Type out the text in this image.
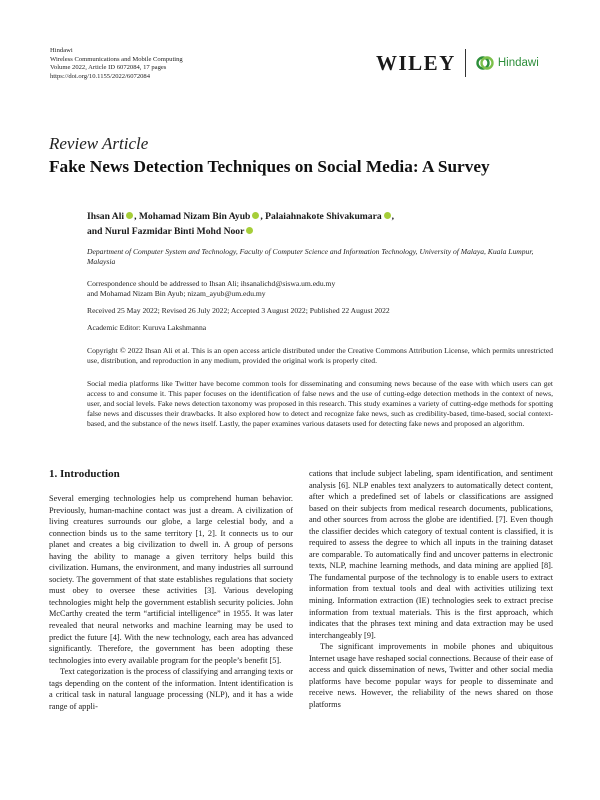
Hindawi
Wireless Communications and Mobile Computing
Volume 2022, Article ID 6072084, 17 pages
https://doi.org/10.1155/2022/6072084
WILEY	Hindawi
Review Article
Fake News Detection Techniques on Social Media: A Survey
Ihsan Ali , Mohamad Nizam Bin Ayub , Palaiahnakote Shivakumara ,
and Nurul Fazmidar Binti Mohd Noor
Department of Computer System and Technology, Faculty of Computer Science and Information Technology, University of Malaya, Kuala Lumpur, Malaysia
Correspondence should be addressed to Ihsan Ali; ihsanalichd@siswa.um.edu.my
and Mohamad Nizam Bin Ayub; nizam_ayub@um.edu.my
Received 25 May 2022; Revised 26 July 2022; Accepted 3 August 2022; Published 22 August 2022
Academic Editor: Kuruva Lakshmanna
Copyright © 2022 Ihsan Ali et al. This is an open access article distributed under the Creative Commons Attribution License, which permits unrestricted use, distribution, and reproduction in any medium, provided the original work is properly cited.
Social media platforms like Twitter have become common tools for disseminating and consuming news because of the ease with which users can get access to and consume it. This paper focuses on the identification of false news and the use of cutting-edge detection methods in the context of news, user, and social levels. Fake news detection taxonomy was proposed in this research. This study examines a variety of cutting-edge methods for spotting false news and discusses their drawbacks. It also explored how to detect and recognize fake news, such as credibility-based, time-based, social context-based, and the substance of the news itself. Lastly, the paper examines various datasets used for detecting fake news and proposed an algorithm.
1. Introduction

Several emerging technologies help us comprehend human behavior. Previously, human-machine contact was just a dream. A civilization of living creatures surrounds our globe, a large celestial body, and a connection binds us to the same territory [1, 2]. It connects us to our planet and creates a big civilization to dwell in. A group of persons having the ability to manage a given territory helps build this civilization. Humans, the environment, and many industries all surround society. The government of that state establishes regulations that society must obey to oversee these activities [3]. Various developing technologies might help the government establish security policies. John McCarthy created the term “artificial intelligence” in 1955. It was later revealed that neural networks and machine learning may be used to predict the future [4]. With the new technology, each area has advanced significantly. Therefore, the government has been adopting these technologies into every available program for the people’s benefit [5].

Text categorization is the process of classifying and arranging texts or tags depending on the content of the information. Intent identification is a critical task in natural language processing (NLP), and it has a wide range of appli-

cations that include subject labeling, spam identification, and sentiment analysis [6]. NLP enables text analyzers to automatically detect content, after which a predefined set of labels or classifications are assigned based on their subjects from medical research documents, publications, and other sources from across the globe are identified. [7]. Even though the classifier decides which category of textual content is classified, it is required to assess the degree to which all inputs in the training dataset are comparable. To automatically find and uncover patterns in electronic texts, NLP, machine learning methods, and data mining are applied [8]. The fundamental purpose of the technology is to enable users to extract information from textual tools and deal with activities utilizing text mining. Information extraction (IE) technologies seek to extract precise information from textual materials. This is the first approach, which indicates that the phrases text mining and data extraction may be used interchangeably [9].

The significant improvements in mobile phones and ubiquitous Internet usage have reshaped social connections. Because of their ease of access and quick dissemination of news, Twitter and other social media platforms have become popular ways for people to disseminate and receive news. However, the reliability of the news shared on those platforms
